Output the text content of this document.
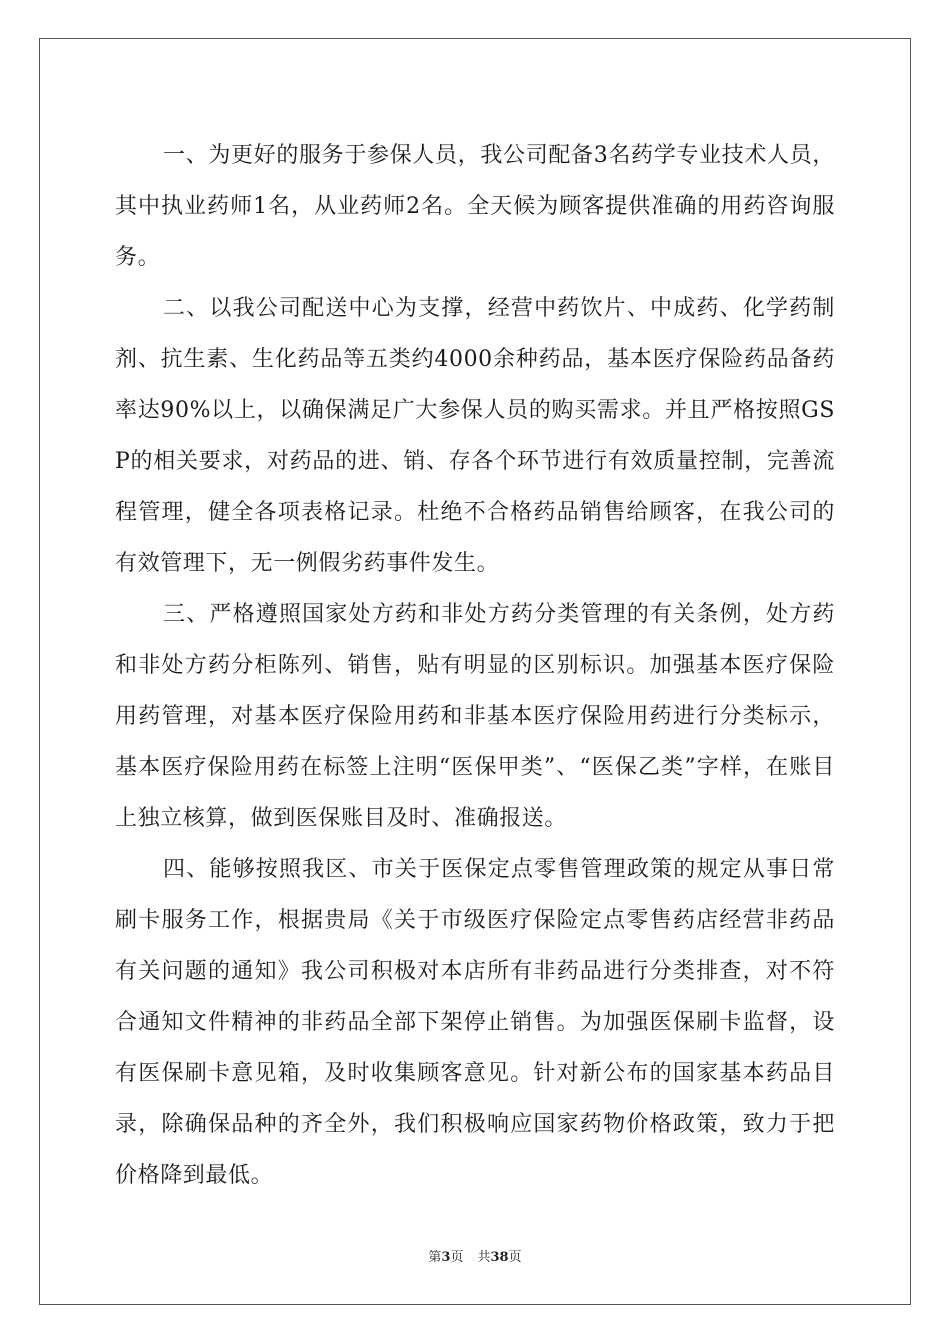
一、为更好的服务于参保人员，我公司配备3名药学专业技术人员，其中执业药师1名，从业药师2名。全天候为顾客提供准确的用药咨询服务。

二、以我公司配送中心为支撑，经营中药饮片、中成药、化学药制剂、抗生素、生化药品等五类约4000余种药品，基本医疗保险药品备药率达90%以上，以确保满足广大参保人员的购买需求。并且严格按照GSP的相关要求，对药品的进、销、存各个环节进行有效质量控制，完善流程管理，健全各项表格记录。杜绝不合格药品销售给顾客，在我公司的有效管理下，无一例假劣药事件发生。

三、严格遵照国家处方药和非处方药分类管理的有关条例，处方药和非处方药分柜陈列、销售，贴有明显的区别标识。加强基本医疗保险用药管理，对基本医疗保险用药和非基本医疗保险用药进行分类标示，基本医疗保险用药在标签上注明“医保甲类”、“医保乙类”字样，在账目上独立核算，做到医保账目及时、准确报送。

四、能够按照我区、市关于医保定点零售管理政策的规定从事日常刷卡服务工作，根据贵局《关于市级医疗保险定点零售药店经营非药品有关问题的通知》我公司积极对本店所有非药品进行分类排查，对不符合通知文件精神的非药品全部下架停止销售。为加强医保刷卡监督，设有医保刷卡意见箱，及时收集顾客意见。针对新公布的国家基本药品目录，除确保品种的齐全外，我们积极响应国家药物价格政策，致力于把价格降到最低。

第3页 共38页
